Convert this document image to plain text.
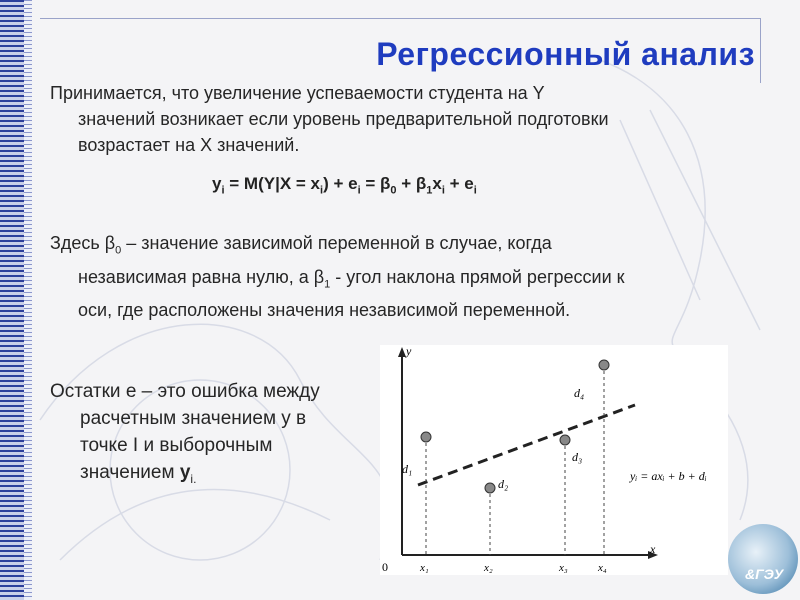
Регрессионный анализ
Принимается, что увеличение успеваемости студента на Y
значений возникает если уровень предварительной подготовки
возрастает на X значений.
$y_i = M(Y|X = x_i) + e_i = \beta_0 + \beta_1x_i + e_i$
Здесь $\beta_0$ – значение зависимой переменной в случае, когда
независимая равна нулю, а $\beta_1$ - угол наклона прямой регрессии к
оси, где расположены значения независимой переменной.
Остатки e – это ошибка между
расчетным значением y в
точке I и выборочным
значением $y_{i.}$
y
x
0
d₁
d₂
d₃
d₄
x₁	x₂	x₃	x₄
yᵢ = axᵢ + b + dᵢ
&ГЭУ
